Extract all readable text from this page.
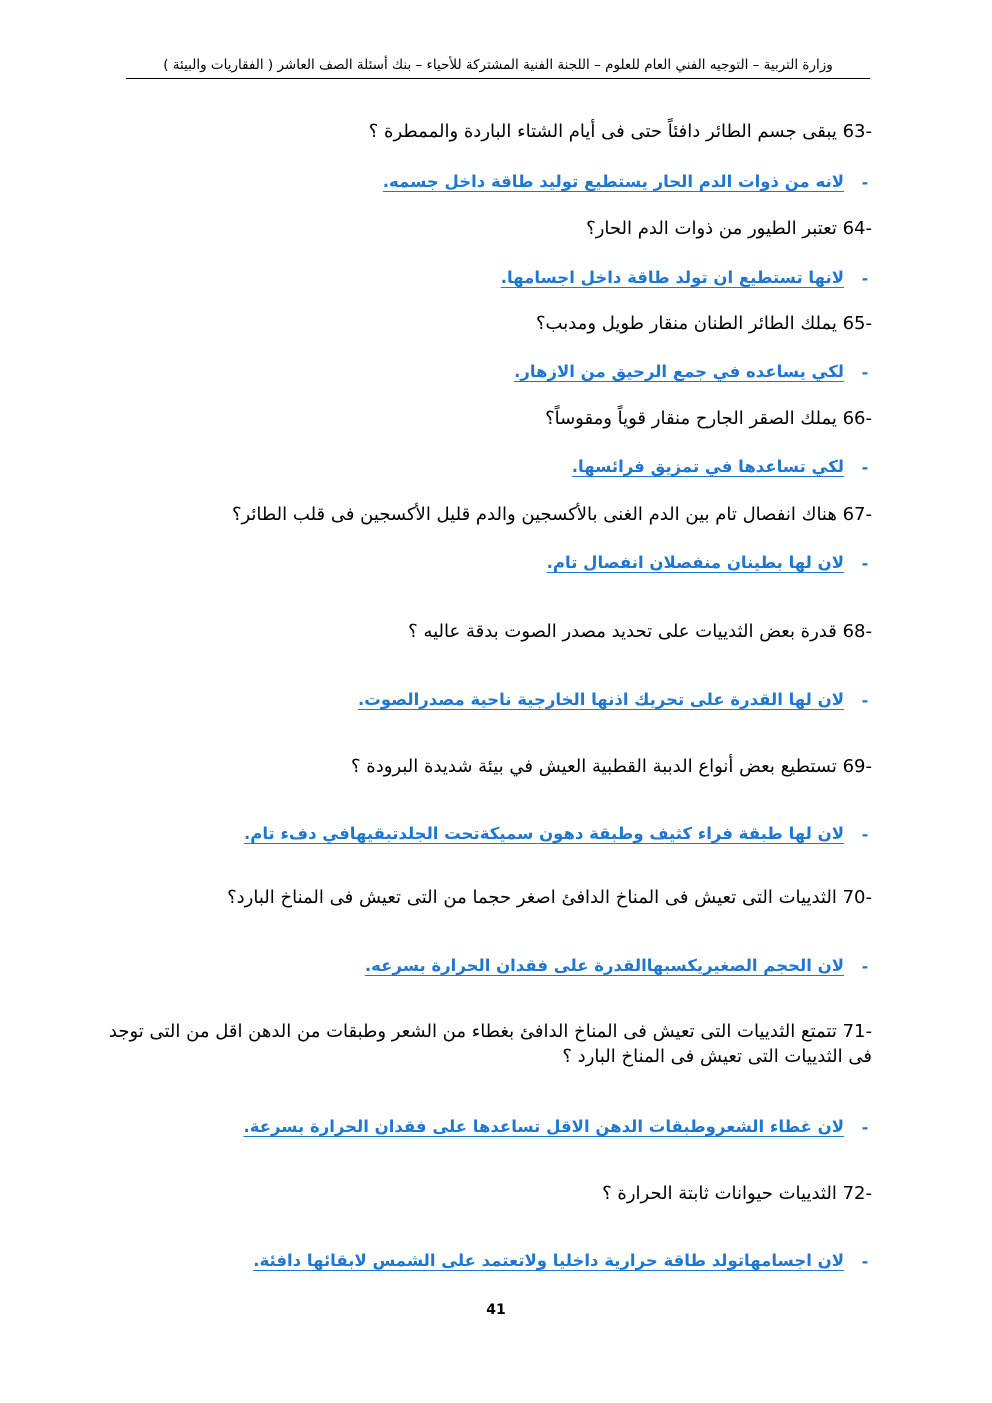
وزارة التربية – التوجيه الفني العام للعلوم – اللجنة الفنية المشتركة للأحياء – بنك أسئلة الصف العاشر ( الفقاريات والبيئة )
63- يبقى جسم الطائر دافئاً حتى فى أيام الشتاء الباردة والممطرة ؟
-
لانه من ذوات الدم الحار يستطيع توليد طاقة داخل جسمه.
64- تعتبر الطيور من ذوات الدم الحار؟
-
لانها تستطيع ان تولد طاقة داخل اجسامها.
65- يملك الطائر الطنان منقار طويل ومدبب؟
-
لكي يساعده في جمع الرحيق من الازهار.
66- يملك الصقر الجارح منقار قوياً ومقوساً؟
-
لكي تساعدها في تمزيق فرائسها.
67- هناك انفصال تام بين الدم الغنى بالأكسجين والدم قليل الأكسجين فى قلب الطائر؟
-
لان لها بطينان منفصلان انفصال تام.
68- قدرة بعض الثدييات على تحديد مصدر الصوت بدقة عاليه ؟
-
لان لها القدرة على تحريك اذنها الخارجية ناحية مصدرالصوت.
69- تستطيع بعض أنواع الدببة القطبية العيش في بيئة شديدة البرودة ؟
-
لان لها طبقة فراء كثيف وطبقة دهون سميكةتحت الجلدتبقيهافي دفء تام.
70- الثدييات التى تعيش فى المناخ الدافئ اصغر حجما من التى تعيش فى المناخ البارد؟
-
لان الحجم الصغيريكسبهاالقدرة على فقدان الحرارة بسرعه.
71- تتمتع الثدييات التى تعيش فى المناخ الدافئ بغطاء من الشعر وطبقات من الدهن اقل من التى توجد فى الثدييات التى تعيش فى المناخ البارد ؟
-
لان غطاء الشعروطبقات الدهن الاقل تساعدها على فقدان الحرارة بسرعة.
72- الثدييات حيوانات ثابتة الحرارة ؟
-
لان اجسامهاتولد طاقة حرارية داخليا ولاتعتمد على الشمس لابقائها دافئة.
41
